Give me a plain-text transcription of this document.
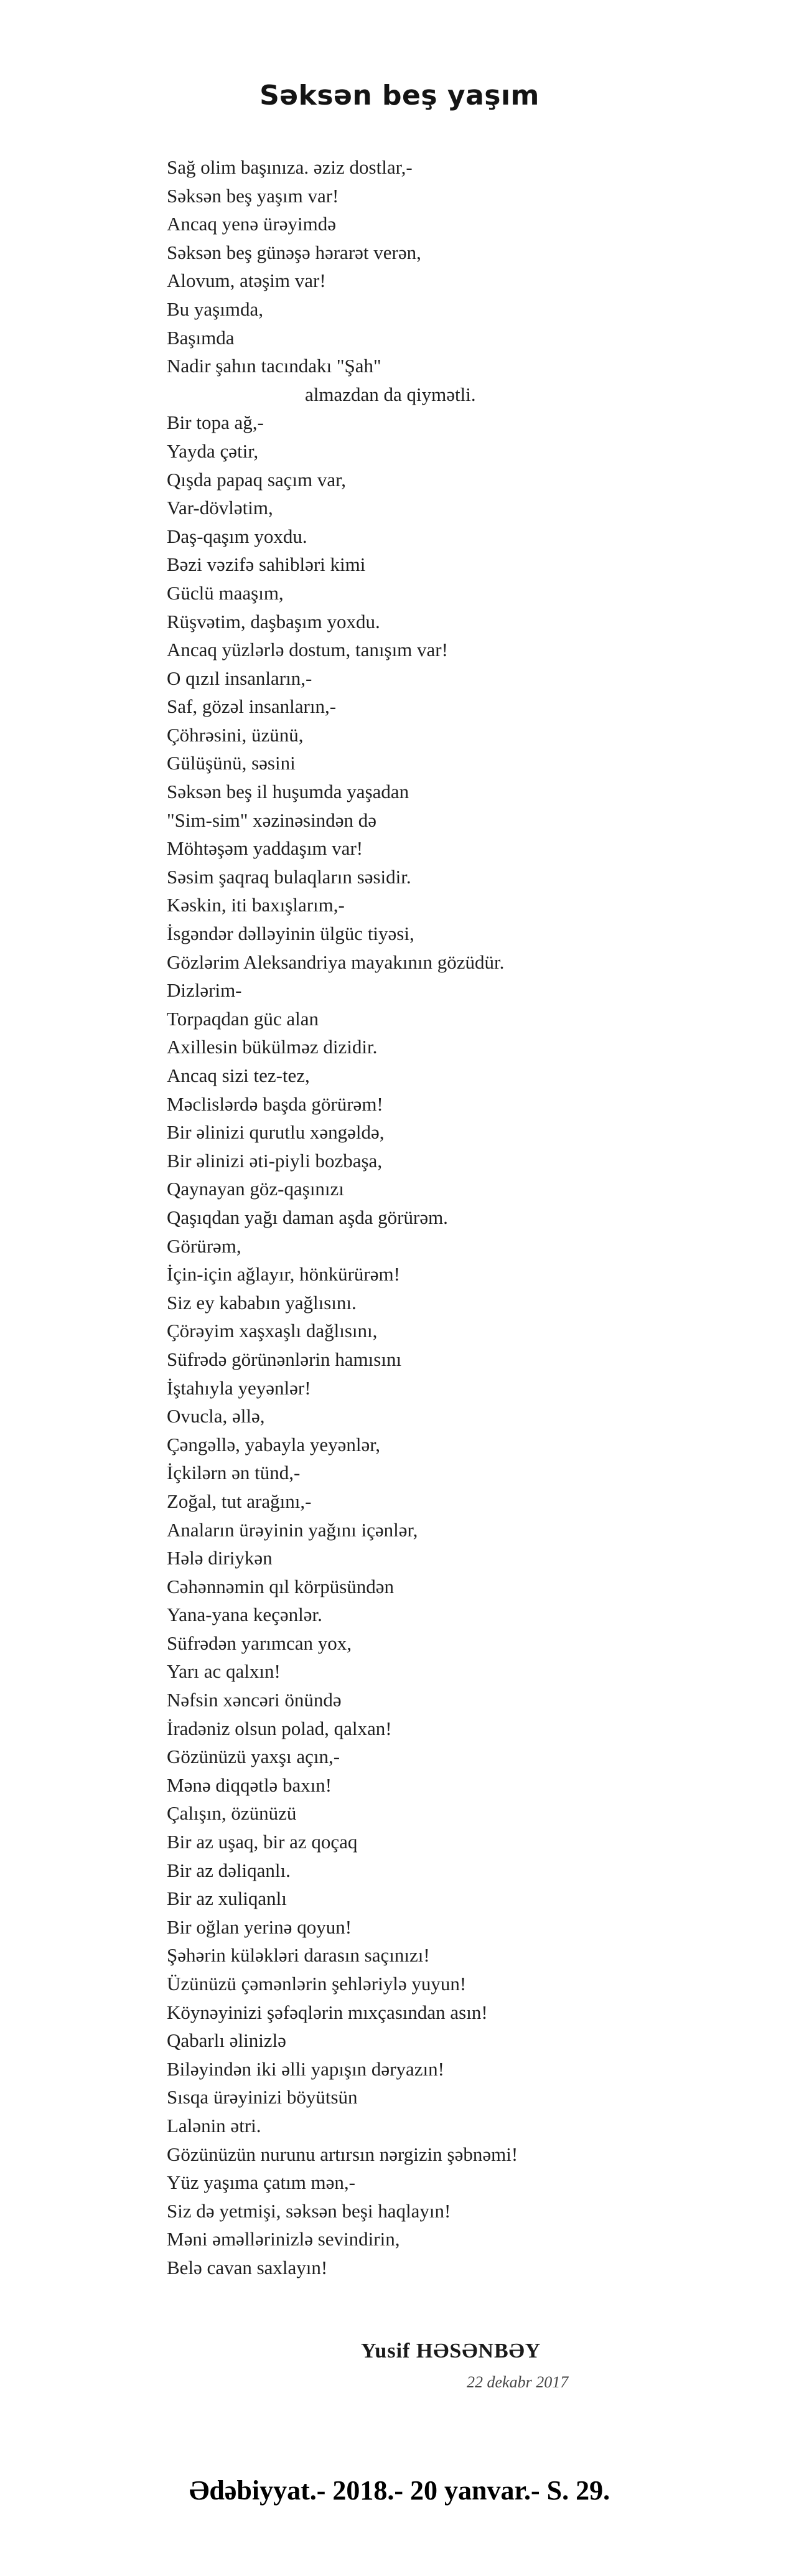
Səksən beş yaşım
Sağ olim başınıza. əziz dostlar,-
Səksən beş yaşım var!
Ancaq yenə ürəyimdə
Səksən beş günəşə hərarət verən,
Alovum, atəşim var!
Bu yaşımda,
Başımda
Nadir şahın tacındakı "Şah"
almazdan da qiymətli.
Bir topa ağ,-
Yayda çətir,
Qışda papaq saçım var,
Var-dövlətim,
Daş-qaşım yoxdu.
Bəzi vəzifə sahibləri kimi
Güclü maaşım,
Rüşvətim, daşbaşım yoxdu.
Ancaq yüzlərlə dostum, tanışım var!
O qızıl insanların,-
Saf, gözəl insanların,-
Çöhrəsini, üzünü,
Gülüşünü, səsini
Səksən beş il huşumda yaşadan
"Sim-sim" xəzinəsindən də
Möhtəşəm yaddaşım var!
Səsim şaqraq bulaqların səsidir.
Kəskin, iti baxışlarım,-
İsgəndər dəlləyinin ülgüc tiyəsi,
Gözlərim Aleksandriya mayakının gözüdür.
Dizlərim-
Torpaqdan güc alan
Axillesin bükülməz dizidir.
Ancaq sizi tez-tez,
Məclislərdə başda görürəm!
Bir əlinizi qurutlu xəngəldə,
Bir əlinizi əti-piyli bozbaşa,
Qaynayan göz-qaşınızı
Qaşıqdan yağı daman aşda görürəm.
Görürəm,
İçin-için ağlayır, hönkürürəm!
Siz ey kababın yağlısını.
Çörəyim xaşxaşlı dağlısını,
Süfrədə görünənlərin hamısını
İştahıyla yeyənlər!
Ovucla, əllə,
Çəngəllə, yabayla yeyənlər,
İçkilərn ən tünd,-
Zoğal, tut arağını,-
Anaların ürəyinin yağını içənlər,
Hələ diriykən
Cəhənnəmin qıl körpüsündən
Yana-yana keçənlər.
Süfrədən yarımcan yox,
Yarı ac qalxın!
Nəfsin xəncəri önündə
İradəniz olsun polad, qalxan!
Gözünüzü yaxşı açın,-
Mənə diqqətlə baxın!
Çalışın, özünüzü
Bir az uşaq, bir az qoçaq
Bir az dəliqanlı.
Bir az xuliqanlı
Bir oğlan yerinə qoyun!
Şəhərin küləkləri darasın saçınızı!
Üzünüzü çəmənlərin şehləriylə yuyun!
Köynəyinizi şəfəqlərin mıxçasından asın!
Qabarlı əlinizlə
Biləyindən iki əlli yapışın dəryazın!
Sısqa ürəyinizi böyütsün
Lalənin ətri.
Gözünüzün nurunu artırsın nərgizin şəbnəmi!
Yüz yaşıma çatım mən,-
Siz də yetmişi, səksən beşi haqlayın!
Məni əməllərinizlə sevindirin,
Belə cavan saxlayın!
Yusif HƏSƏNBƏY
22 dekabr 2017
Ədəbiyyat.- 2018.- 20 yanvar.- S. 29.
